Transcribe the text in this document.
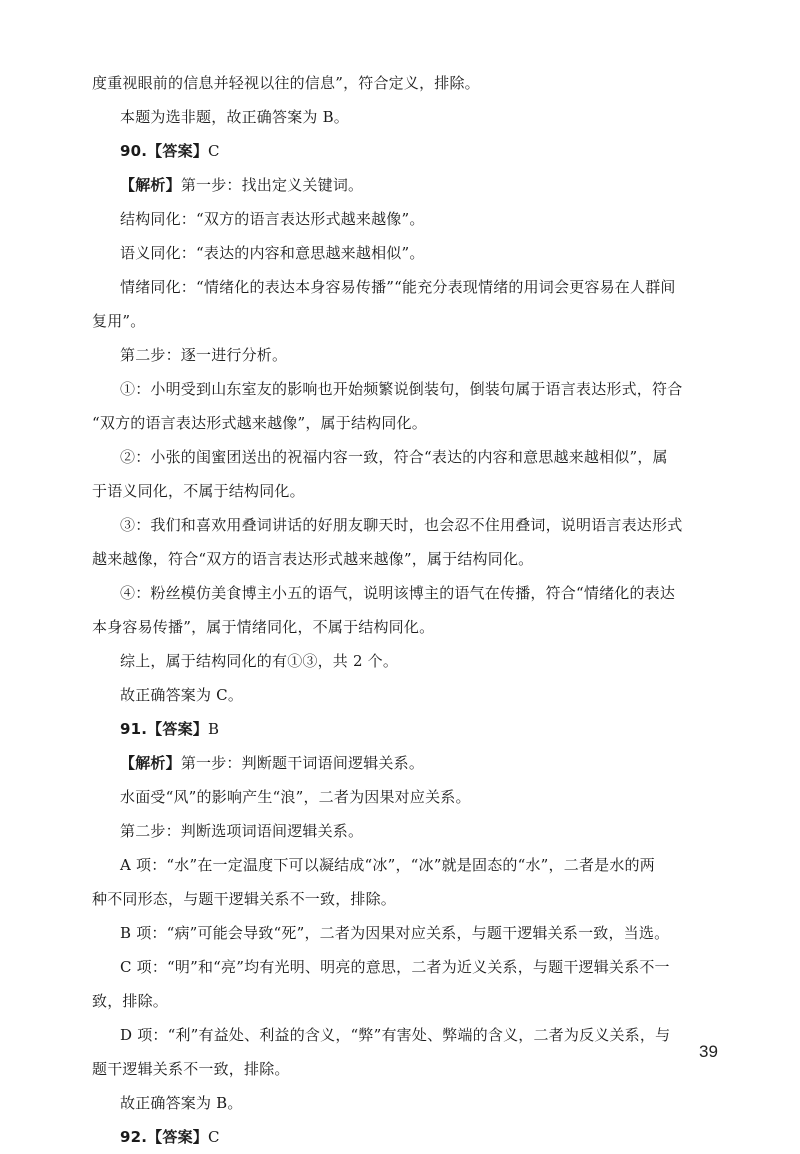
度重视眼前的信息并轻视以往的信息”，符合定义，排除。
本题为选非题，故正确答案为 B。
90.【答案】C
【解析】第一步：找出定义关键词。
结构同化：“双方的语言表达形式越来越像”。
语义同化：“表达的内容和意思越来越相似”。
情绪同化：“情绪化的表达本身容易传播”“能充分表现情绪的用词会更容易在人群间
复用”。
第二步：逐一进行分析。
①：小明受到山东室友的影响也开始频繁说倒装句，倒装句属于语言表达形式，符合
“双方的语言表达形式越来越像”，属于结构同化。
②：小张的闺蜜团送出的祝福内容一致，符合“表达的内容和意思越来越相似”，属
于语义同化，不属于结构同化。
③：我们和喜欢用叠词讲话的好朋友聊天时，也会忍不住用叠词，说明语言表达形式
越来越像，符合“双方的语言表达形式越来越像”，属于结构同化。
④：粉丝模仿美食博主小五的语气，说明该博主的语气在传播，符合“情绪化的表达
本身容易传播”，属于情绪同化，不属于结构同化。
综上，属于结构同化的有①③，共 2 个。
故正确答案为 C。
91.【答案】B
【解析】第一步：判断题干词语间逻辑关系。
水面受“风”的影响产生“浪”，二者为因果对应关系。
第二步：判断选项词语间逻辑关系。
A 项：“水”在一定温度下可以凝结成“冰”，“冰”就是固态的“水”，二者是水的两
种不同形态，与题干逻辑关系不一致，排除。
B 项：“病”可能会导致“死”，二者为因果对应关系，与题干逻辑关系一致，当选。
C 项：“明”和“亮”均有光明、明亮的意思，二者为近义关系，与题干逻辑关系不一
致，排除。
D 项：“利”有益处、利益的含义，“弊”有害处、弊端的含义，二者为反义关系，与
题干逻辑关系不一致，排除。
故正确答案为 B。
92.【答案】C
39
